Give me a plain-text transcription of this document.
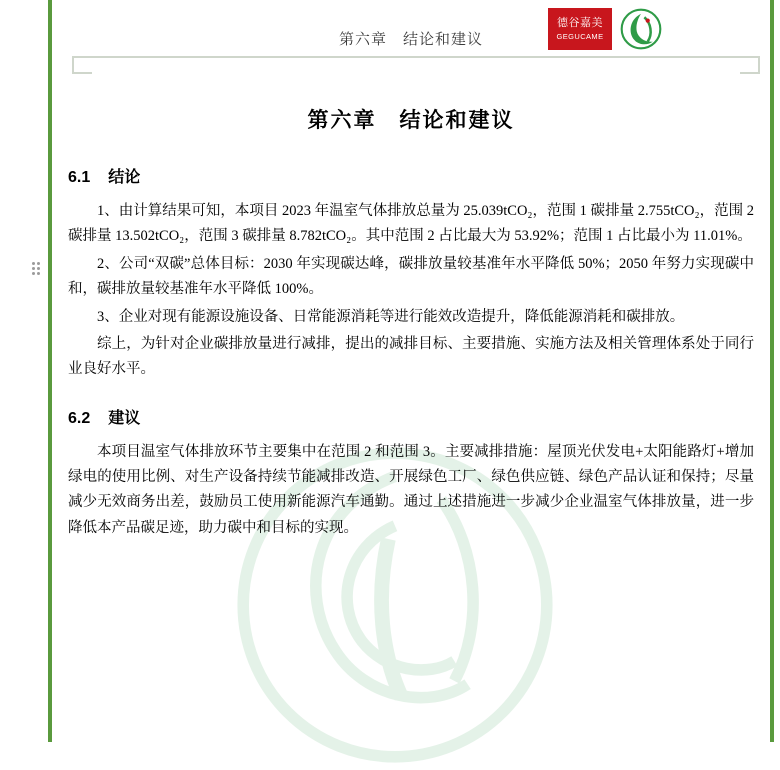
第六章　结论和建议
德谷嘉美
GEGUCAME
第六章　结论和建议
6.1 结论

1、由计算结果可知，本项目 2023 年温室气体排放总量为 25.039tCO₂，范围 1 碳排量 2.755tCO₂，范围 2 碳排量 13.502tCO₂，范围 3 碳排量 8.782tCO₂。其中范围 2 占比最大为 53.92%；范围 1 占比最小为 11.01%。

2、公司“双碳”总体目标：2030 年实现碳达峰，碳排放量较基准年水平降低 50%；2050 年努力实现碳中和，碳排放量较基准年水平降低 100%。

3、企业对现有能源设施设备、日常能源消耗等进行能效改造提升，降低能源消耗和碳排放。

综上，为针对企业碳排放量进行减排，提出的减排目标、主要措施、实施方法及相关管理体系处于同行业良好水平。

6.2 建议

本项目温室气体排放环节主要集中在范围 2 和范围 3。主要减排措施：屋顶光伏发电+太阳能路灯+增加绿电的使用比例、对生产设备持续节能减排改造、开展绿色工厂、绿色供应链、绿色产品认证和保持；尽量减少无效商务出差，鼓励员工使用新能源汽车通勤。通过上述措施进一步减少企业温室气体排放量，进一步降低本产品碳足迹，助力碳中和目标的实现。
